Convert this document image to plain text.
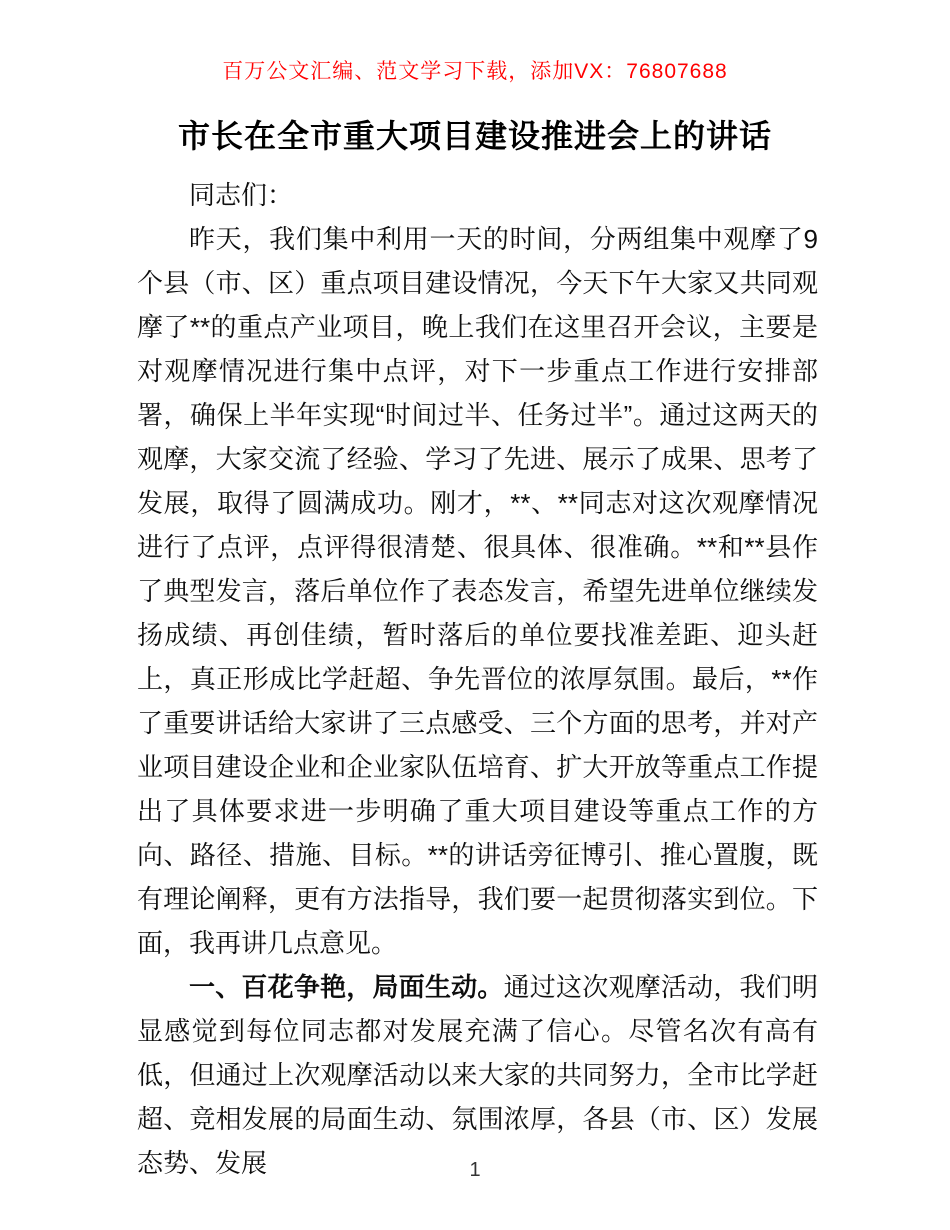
百万公文汇编、范文学习下载，添加VX：76807688
市长在全市重大项目建设推进会上的讲话

同志们：

昨天，我们集中利用一天的时间，分两组集中观摩了9个县（市、区）重点项目建设情况，今天下午大家又共同观摩了**的重点产业项目，晚上我们在这里召开会议，主要是对观摩情况进行集中点评，对下一步重点工作进行安排部署，确保上半年实现“时间过半、任务过半”。通过这两天的观摩，大家交流了经验、学习了先进、展示了成果、思考了发展，取得了圆满成功。刚才，**、**同志对这次观摩情况进行了点评，点评得很清楚、很具体、很准确。**和**县作了典型发言，落后单位作了表态发言，希望先进单位继续发扬成绩、再创佳绩，暂时落后的单位要找准差距、迎头赶上，真正形成比学赶超、争先晋位的浓厚氛围。最后，**作了重要讲话给大家讲了三点感受、三个方面的思考，并对产业项目建设企业和企业家队伍培育、扩大开放等重点工作提出了具体要求进一步明确了重大项目建设等重点工作的方向、路径、措施、目标。**的讲话旁征博引、推心置腹，既有理论阐释，更有方法指导，我们要一起贯彻落实到位。下面，我再讲几点意见。

一、百花争艳，局面生动。通过这次观摩活动，我们明显感觉到每位同志都对发展充满了信心。尽管名次有高有低，但通过上次观摩活动以来大家的共同努力，全市比学赶超、竞相发展的局面生动、氛围浓厚，各县（市、区）发展态势、发展	1
